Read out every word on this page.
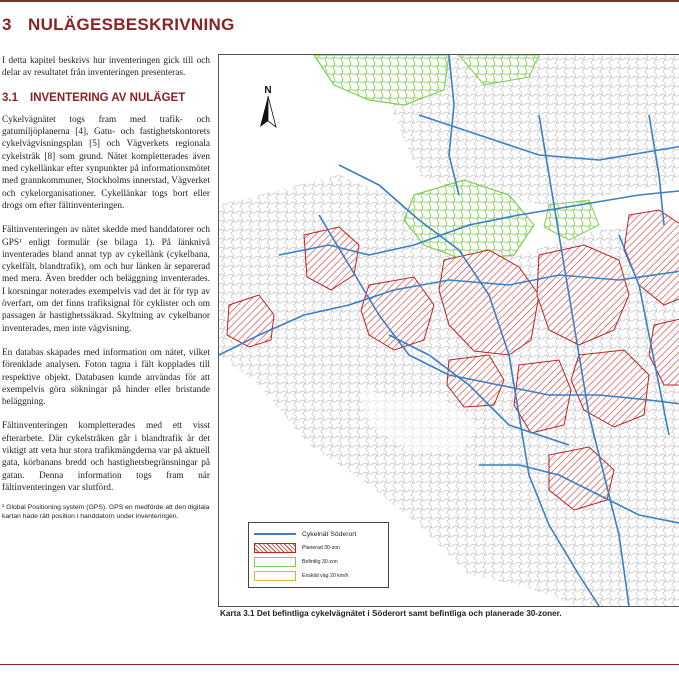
3 NULÄGESBESKRIVNING

I detta kapitel beskrivs hur inventeringen gick till och delar av resultatet från inventeringen presenteras.

3.1 INVENTERING AV NULÄGET

Cykelvägnätet togs fram med trafik- och gatumiljöplanerna [4], Gatu- och fastighetskontorets cykelvägvisningsplan [5] och Vägverkets regionala cykelstråk [8] som grund. Nätet kompletterades även med cykellänkar efter synpunkter på informationsmötet med grannkommuner, Stockholms innerstad, Vägverket och cykelorganisationer. Cykellänkar togs bort eller drogs om efter fältinventeringen.

Fältinventeringen av nätet skedde med handdatorer och GPS¹ enligt formulär (se bilaga 1). På länknivå inventerades bland annat typ av cykellänk (cykelbana, cykelfält, blandtrafik), om och hur länken är separerad med mera. Även bredder och beläggning inventerades. I korsningar noterades exempelvis vad det är för typ av överfart, om det finns trafiksignal för cyklister och om passagen är hastighetssäkrad. Skyltning av cykelbanor inventerades, men inte vägvisning.

En databas skapades med information om nätet, vilket förenklade analysen. Foton tagna i fält kopplades till respektive objekt. Databasen kunde användas för att exempelvis göra sökningar på hinder eller bristande beläggning.

Fältinventeringen kompletterades med ett visst efterarbete. Där cykelstråken går i blandtrafik är det viktigt att veta hur stora trafikmängderna var på aktuell gata, körbanans bredd och hastighetsbegränsningar på gatan. Denna information togs fram när fältinventeringen var slutförd.

¹ Global Positioning system (GPS). GPS en medförde att den digitala kartan hade rätt position i handdatorn under inventeringen.
N
Cykelnät Söderort
Planerad 30-zon
Befintlig 30-zon
Ensklid väg 20 km/h
Karta 3.1 Det befintliga cykelvägnätet i Söderort samt befintliga och planerade 30-zoner.
